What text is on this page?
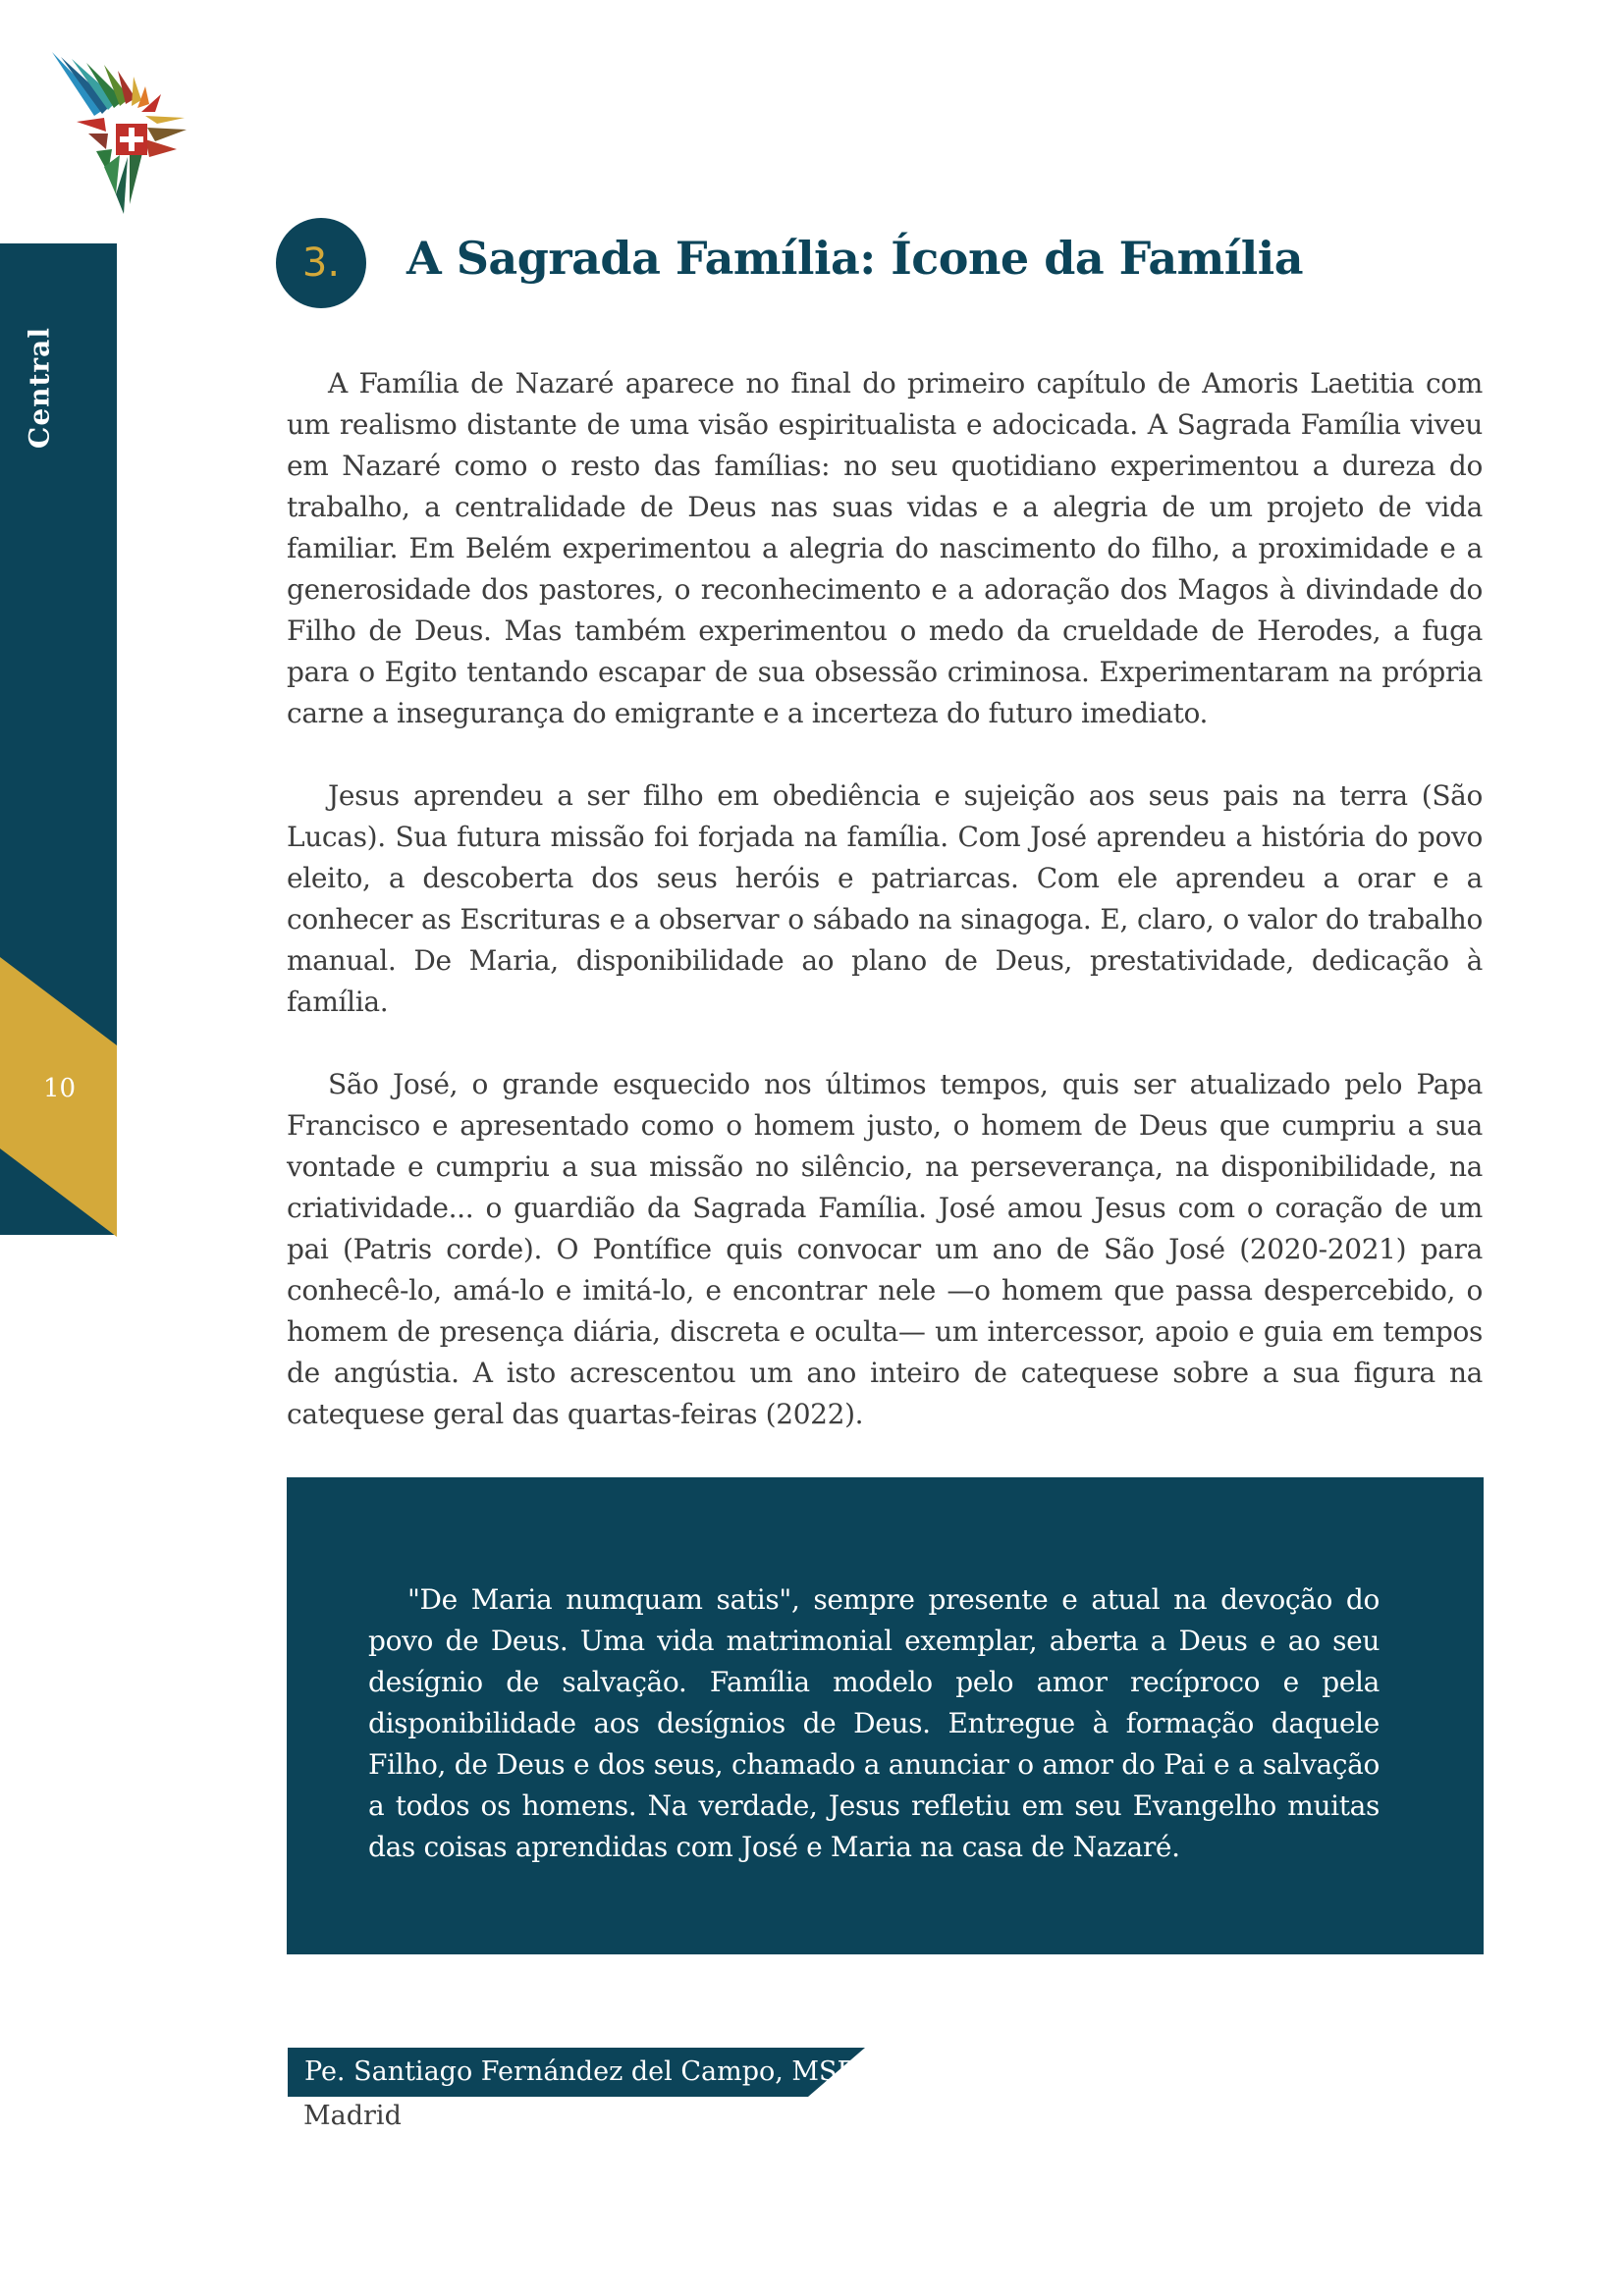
Central
10
3.	A Sagrada Família: Ícone da Família

A Família de Nazaré aparece no final do primeiro capítulo de Amoris Laetitia com um realismo distante de uma visão espiritualista e adocicada. A Sagrada Família viveu em Nazaré como o resto das famílias: no seu quotidiano experimentou a dureza do trabalho, a centralidade de Deus nas suas vidas e a alegria de um projeto de vida familiar. Em Belém experimentou a alegria do nascimento do filho, a proximidade e a generosidade dos pastores, o reconhecimento e a adoração dos Magos à divindade do Filho de Deus. Mas também experimentou o medo da crueldade de Herodes, a fuga para o Egito tentando escapar de sua obsessão criminosa. Experimentaram na própria carne a insegurança do emigrante e a incerteza do futuro imediato.

Jesus aprendeu a ser filho em obediência e sujeição aos seus pais na terra (São Lucas). Sua futura missão foi forjada na família. Com José aprendeu a história do povo eleito, a descoberta dos seus heróis e patriarcas. Com ele aprendeu a orar e a conhecer as Escrituras e a observar o sábado na sinagoga. E, claro, o valor do trabalho manual. De Maria, disponibilidade ao plano de Deus, prestatividade, dedicação à família.

São José, o grande esquecido nos últimos tempos, quis ser atualizado pelo Papa Francisco e apresentado como o homem justo, o homem de Deus que cumpriu a sua vontade e cumpriu a sua missão no silêncio, na perseverança, na disponibilidade, na criatividade... o guardião da Sagrada Família. José amou Jesus com o coração de um pai (Patris corde). O Pontífice quis convocar um ano de São José (2020-2021) para conhecê-lo, amá-lo e imitá-lo, e encontrar nele —o homem que passa despercebido, o homem de presença diária, discreta e oculta— um intercessor, apoio e guia em tempos de angústia. A isto acrescentou um ano inteiro de catequese sobre a sua figura na catequese geral das quartas-feiras (2022).

"De Maria numquam satis", sempre presente e atual na devoção do povo de Deus. Uma vida matrimonial exemplar, aberta a Deus e ao seu desígnio de salvação. Família modelo pelo amor recíproco e pela disponibilidade aos desígnios de Deus. Entregue à formação daquele Filho, de Deus e dos seus, chamado a anunciar o amor do Pai e a salvação a todos os homens. Na verdade, Jesus refletiu em seu Evangelho muitas das coisas aprendidas com José e Maria na casa de Nazaré.

Pe. Santiago Fernández del Campo, MSF
Madrid
